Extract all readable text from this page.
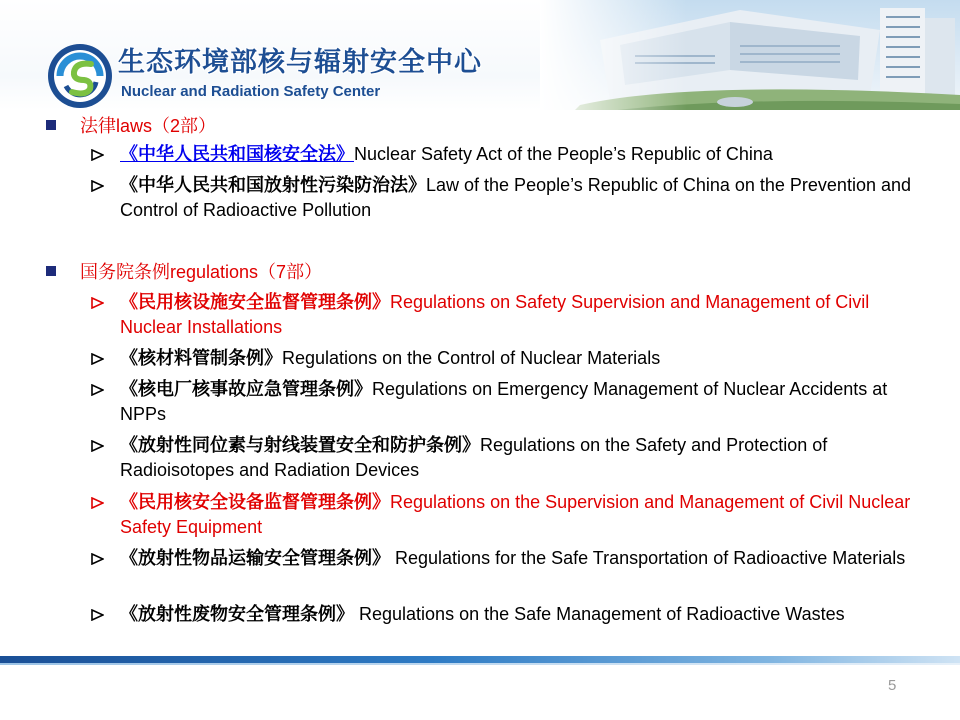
生态环境部核与辐射安全中心

Nuclear and Radiation Safety Center

法律laws（2部）

《中华人民共和国核安全法》Nuclear Safety Act of the People’s Republic of China

《中华人民共和国放射性污染防治法》Law of the People’s Republic of China on the Prevention and Control of Radioactive Pollution

国务院条例regulations（7部）

《民用核设施安全监督管理条例》Regulations on Safety Supervision and Management of Civil Nuclear Installations

《核材料管制条例》Regulations on the Control of Nuclear Materials

《核电厂核事故应急管理条例》Regulations on Emergency Management of Nuclear Accidents at NPPs

《放射性同位素与射线装置安全和防护条例》Regulations on the Safety and Protection of Radioisotopes and Radiation Devices

《民用核安全设备监督管理条例》Regulations on the Supervision and Management of Civil Nuclear Safety Equipment

《放射性物品运输安全管理条例》 Regulations for the Safe Transportation of Radioactive Materials

《放射性废物安全管理条例》 Regulations on the Safe Management of Radioactive Wastes

5
